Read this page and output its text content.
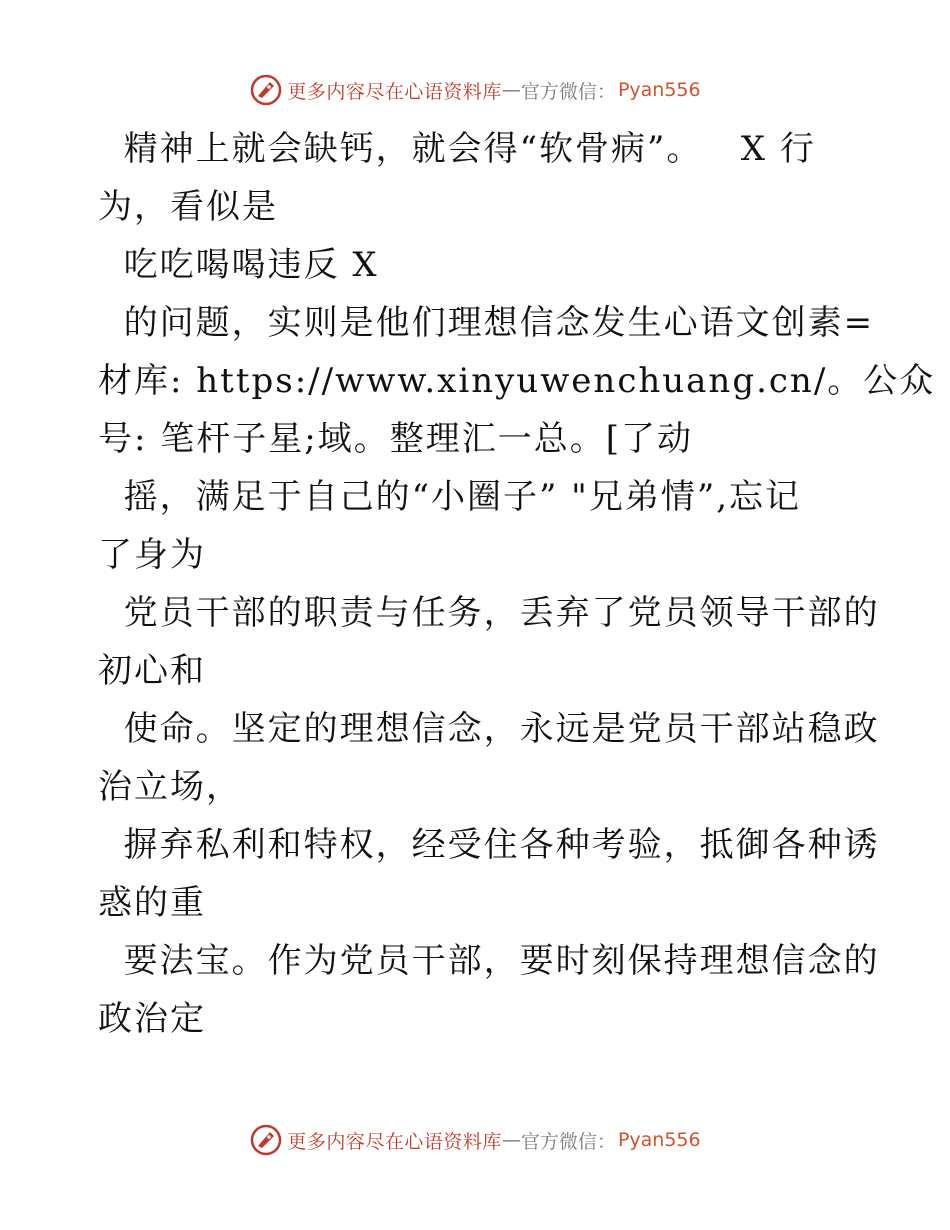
更多内容尽在心语资料库 — 官方微信： Pyan556

精神上就会缺钙，就会得“软骨病”。   X 行

为，看似是

吃吃喝喝违反 X

的问题，实则是他们理想信念发生心语文创素=

材库: https://www.xinyuwenchuang.cn/。公众

号: 笔杆子星;域。整理汇一总。[了动

摇，满足于自己的“小圈子” "兄弟情”,忘记

了身为

党员干部的职责与任务，丢弃了党员领导干部的

初心和

使命。坚定的理想信念，永远是党员干部站稳政

治立场，

摒弃私利和特权，经受住各种考验，抵御各种诱

惑的重

要法宝。作为党员干部，要时刻保持理想信念的

政治定

更多内容尽在心语资料库 — 官方微信： Pyan556
